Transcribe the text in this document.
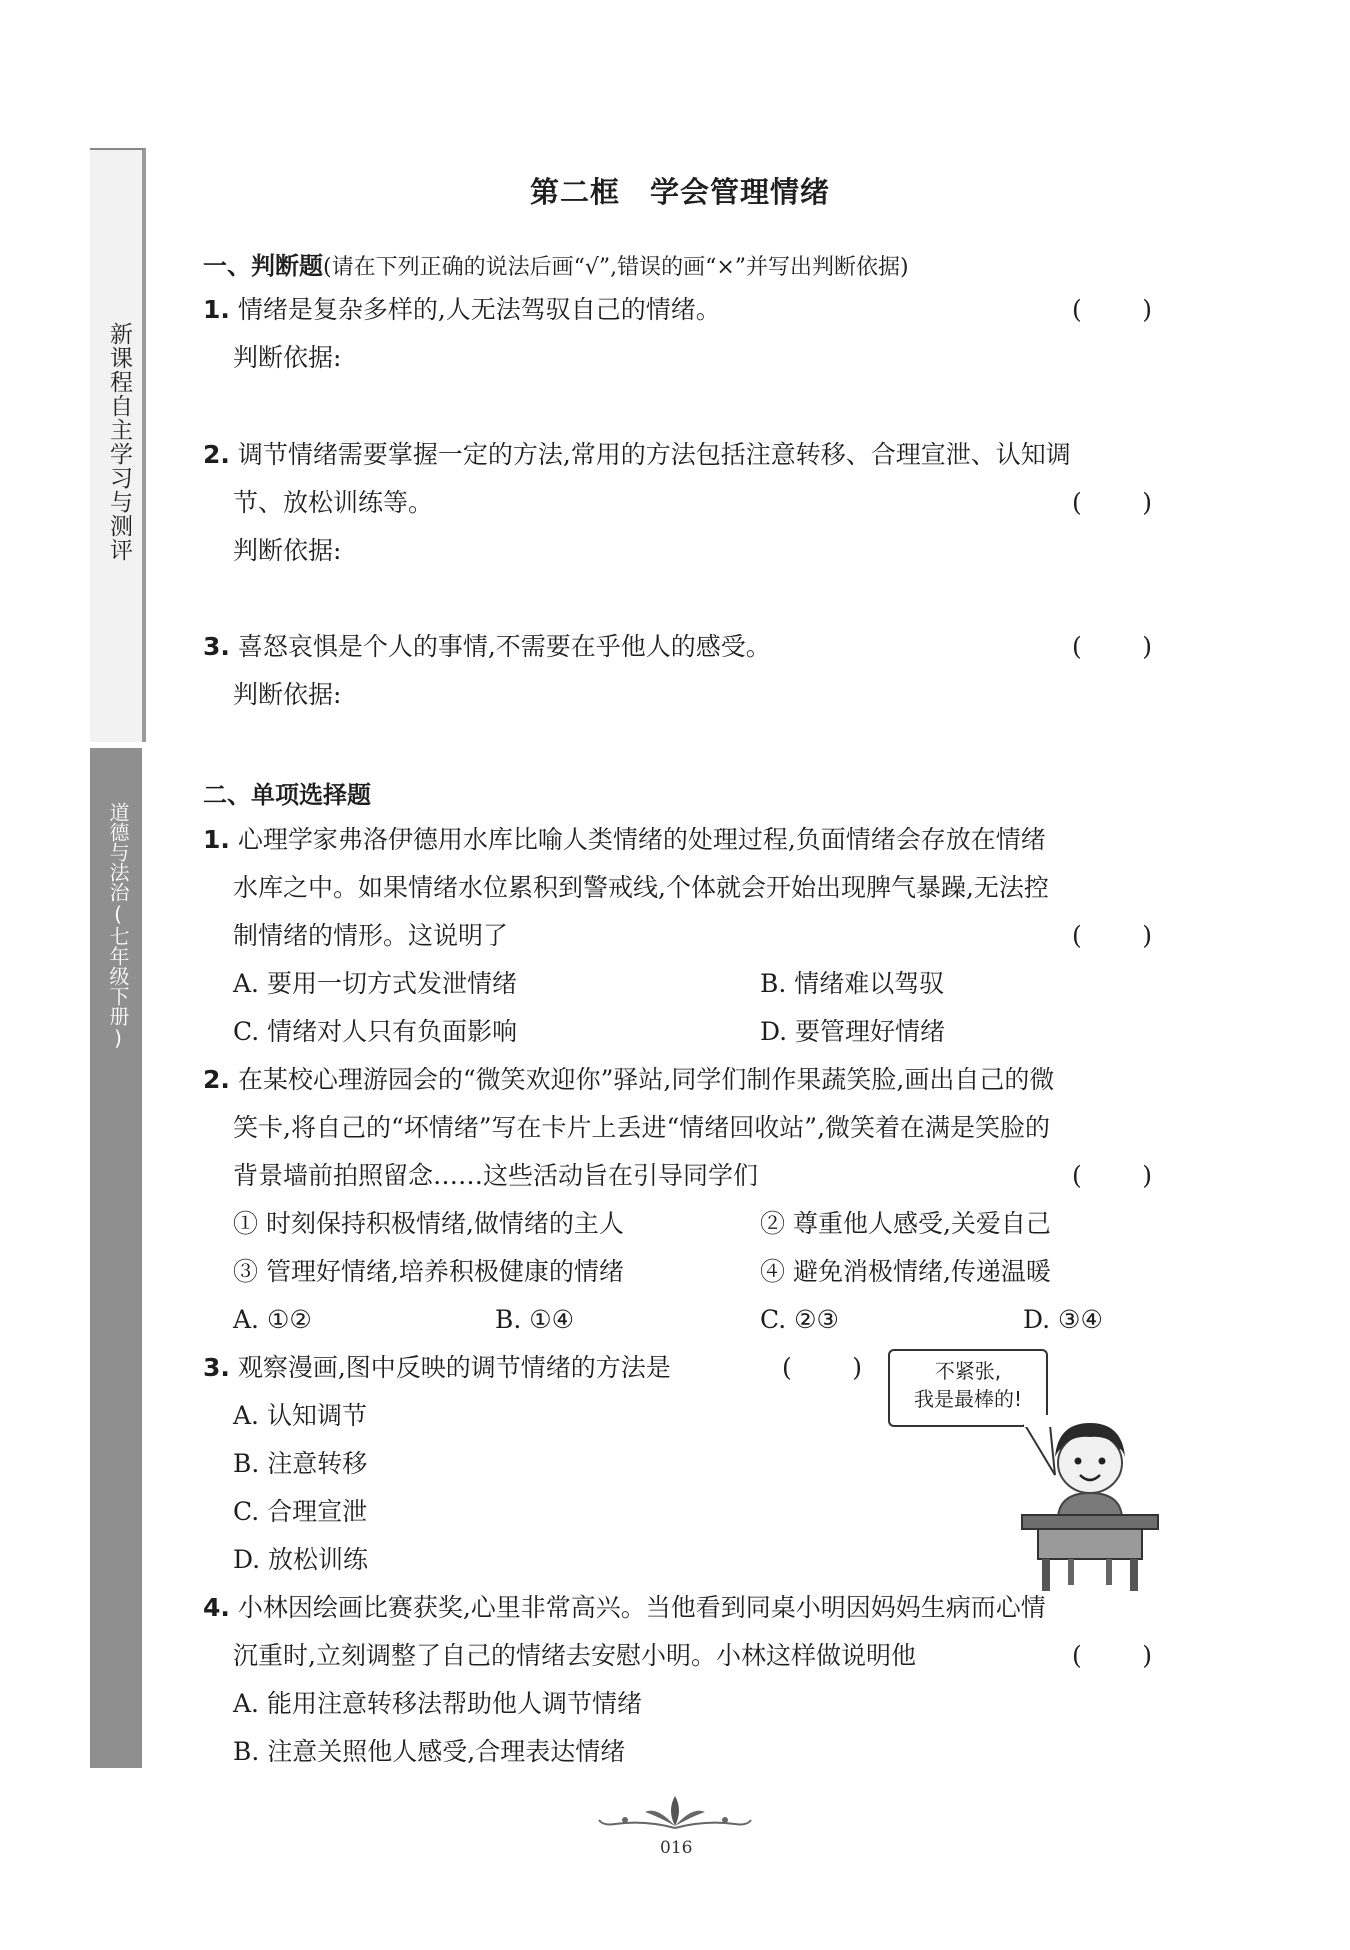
新课程自主学习与测评
道德与法治(七年级下册)
第二框　学会管理情绪
一、判断题(请在下列正确的说法后画“√”,错误的画“×”并写出判断依据)
1. 情绪是复杂多样的,人无法驾驭自己的情绪。	( )
判断依据:
2. 调节情绪需要掌握一定的方法,常用的方法包括注意转移、合理宣泄、认知调
节、放松训练等。	( )
判断依据:
3. 喜怒哀惧是个人的事情,不需要在乎他人的感受。	( )
判断依据:
二、单项选择题
1. 心理学家弗洛伊德用水库比喻人类情绪的处理过程,负面情绪会存放在情绪
水库之中。如果情绪水位累积到警戒线,个体就会开始出现脾气暴躁,无法控
制情绪的情形。这说明了	( )
A. 要用一切方式发泄情绪	B. 情绪难以驾驭
C. 情绪对人只有负面影响	D. 要管理好情绪
2. 在某校心理游园会的“微笑欢迎你”驿站,同学们制作果蔬笑脸,画出自己的微
笑卡,将自己的“坏情绪”写在卡片上丢进“情绪回收站”,微笑着在满是笑脸的
背景墙前拍照留念……这些活动旨在引导同学们	( )
① 时刻保持积极情绪,做情绪的主人	② 尊重他人感受,关爱自己
③ 管理好情绪,培养积极健康的情绪	④ 避免消极情绪,传递温暖
A. ①②	B. ①④	C. ②③	D. ③④
3. 观察漫画,图中反映的调节情绪的方法是	( )
A. 认知调节
B. 注意转移
C. 合理宣泄
D. 放松训练
不紧张,
我是最棒的!
4. 小林因绘画比赛获奖,心里非常高兴。当他看到同桌小明因妈妈生病而心情
沉重时,立刻调整了自己的情绪去安慰小明。小林这样做说明他	( )
A. 能用注意转移法帮助他人调节情绪
B. 注意关照他人感受,合理表达情绪
016
